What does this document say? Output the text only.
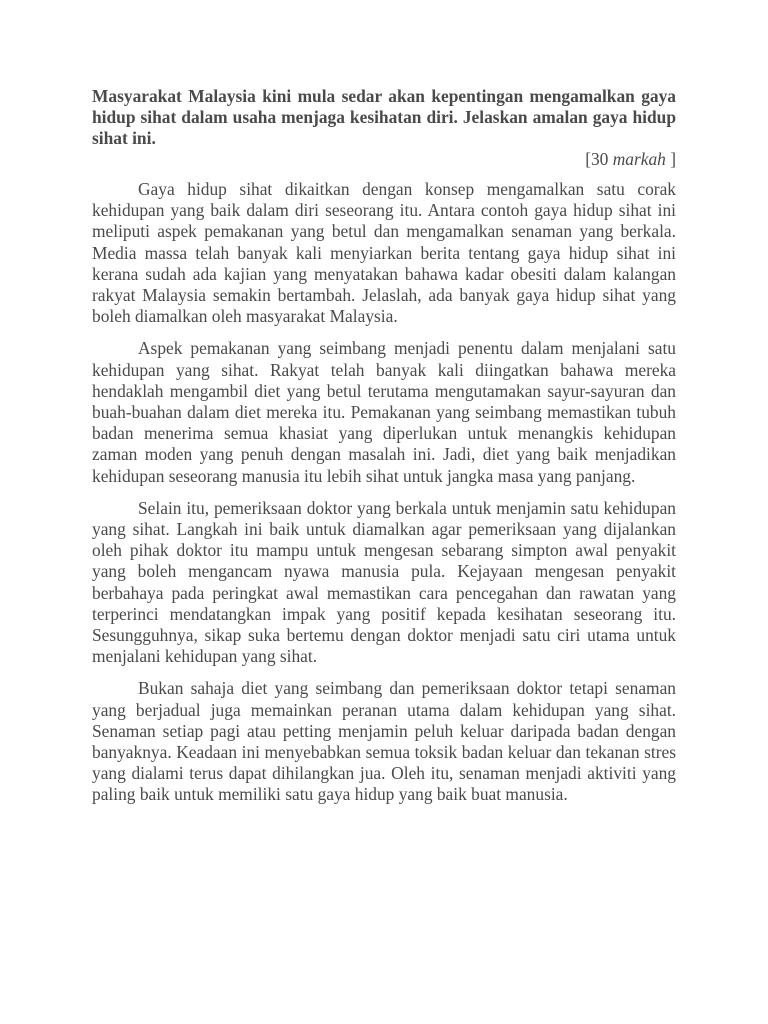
Masyarakat Malaysia kini mula sedar akan kepentingan mengamalkan gaya hidup sihat dalam usaha menjaga kesihatan diri. Jelaskan amalan gaya hidup sihat ini.

[30 markah ]

Gaya hidup sihat dikaitkan dengan konsep mengamalkan satu corak kehidupan yang baik dalam diri seseorang itu. Antara contoh gaya hidup sihat ini meliputi aspek pemakanan yang betul dan mengamalkan senaman yang berkala. Media massa telah banyak kali menyiarkan berita tentang gaya hidup sihat ini kerana sudah ada kajian yang menyatakan bahawa kadar obesiti dalam kalangan rakyat Malaysia semakin bertambah. Jelaslah, ada banyak gaya hidup sihat yang boleh diamalkan oleh masyarakat Malaysia.

Aspek pemakanan yang seimbang menjadi penentu dalam menjalani satu kehidupan yang sihat. Rakyat telah banyak kali diingatkan bahawa mereka hendaklah mengambil diet yang betul terutama mengutamakan sayur-sayuran dan buah-buahan dalam diet mereka itu. Pemakanan yang seimbang memastikan tubuh badan menerima semua khasiat yang diperlukan untuk menangkis kehidupan zaman moden yang penuh dengan masalah ini. Jadi, diet yang baik menjadikan kehidupan seseorang manusia itu lebih sihat untuk jangka masa yang panjang.

Selain itu, pemeriksaan doktor yang berkala untuk menjamin satu kehidupan yang sihat. Langkah ini baik untuk diamalkan agar pemeriksaan yang dijalankan oleh pihak doktor itu mampu untuk mengesan sebarang simpton awal penyakit yang boleh mengancam nyawa manusia pula. Kejayaan mengesan penyakit berbahaya pada peringkat awal memastikan cara pencegahan dan rawatan yang terperinci mendatangkan impak yang positif kepada kesihatan seseorang itu. Sesungguhnya, sikap suka bertemu dengan doktor menjadi satu ciri utama untuk menjalani kehidupan yang sihat.

Bukan sahaja diet yang seimbang dan pemeriksaan doktor tetapi senaman yang berjadual juga memainkan peranan utama dalam kehidupan yang sihat. Senaman setiap pagi atau petting menjamin peluh keluar daripada badan dengan banyaknya. Keadaan ini menyebabkan semua toksik badan keluar dan tekanan stres yang dialami terus dapat dihilangkan jua. Oleh itu, senaman menjadi aktiviti yang paling baik untuk memiliki satu gaya hidup yang baik buat manusia.
